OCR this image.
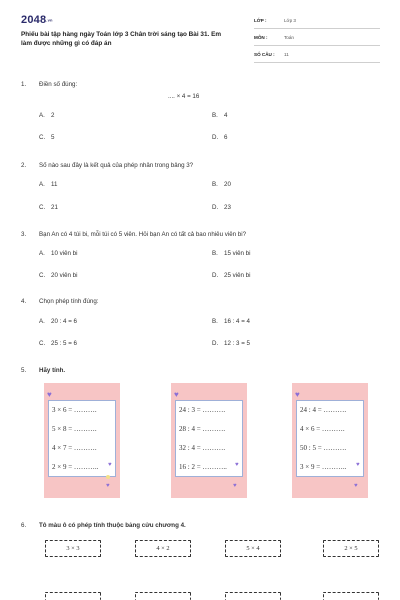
2048.vn
Phiếu bài tập hàng ngày Toán lớp 3 Chân trời sáng tạo Bài 31. Em làm được những gì có đáp án
LỚP :	Lớp 3
MÔN :	Toán
SỐ CÂU : 11
1. Điền số đúng:
.... × 4 = 16
A. 2	B. 4
C. 5	D. 6
2. Số nào sau đây là kết quả của phép nhân trong bảng 3?
A. 11	B. 20
C. 21	D. 23
3. Bạn An có 4 túi bi, mỗi túi có 5 viên. Hỏi bạn An có tất cả bao nhiêu viên bi?
A. 10 viên bi	B. 15 viên bi
C. 20 viên bi	D. 25 viên bi
4. Chọn phép tính đúng:
A. 20 : 4 = 6	B. 16 : 4 = 4
C. 25 : 5 = 6	D. 12 : 3 = 5
5. Hãy tính.
♥
3 × 6 = ……….
5 × 8 = ……….
4 × 7 = ……….
2 × 9 = ……….. ♥
♥
♥
24 : 3 = ……….
28 : 4 = ……….
32 : 4 = ……….
16 : 2 = ……….. ♥
♥
♥
24 : 4 = ……….
4 × 6 = ……….
50 : 5 = ……….
3 × 9 = ……….. ♥
♥
6. Tô màu ô có phép tính thuộc bảng cửu chương 4.
3 × 3	4 × 2	5 × 4	2 × 5
